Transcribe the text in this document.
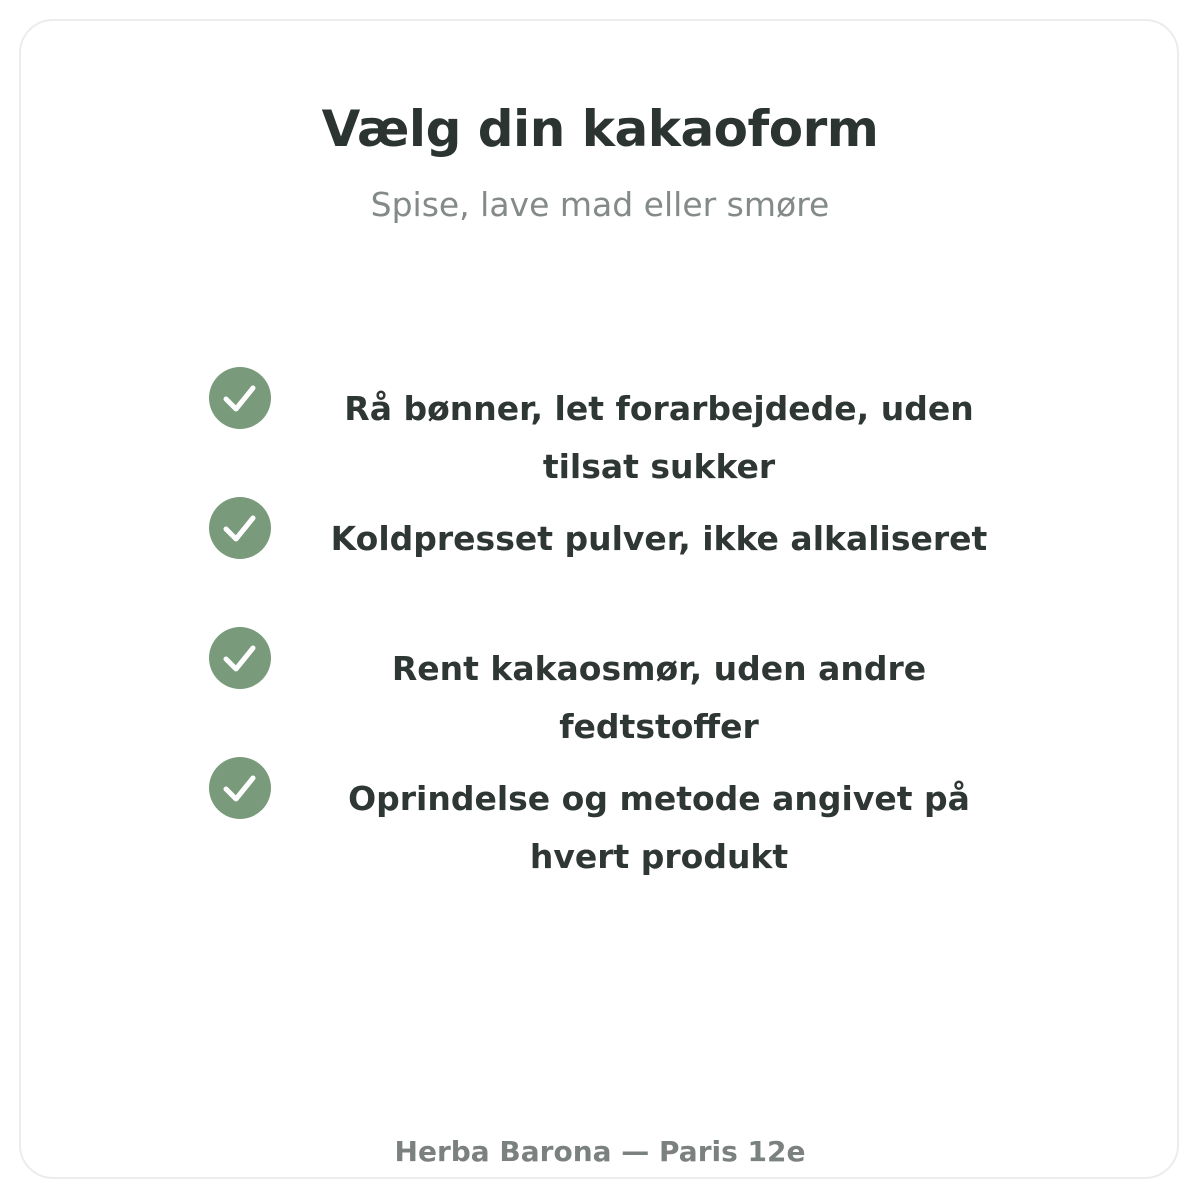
Vælg din kakaoform

Spise, lave mad eller smøre

Rå bønner, let forarbejdede, uden tilsat sukker
Koldpresset pulver, ikke alkaliseret
Rent kakaosmør, uden andre fedtstoffer
Oprindelse og metode angivet på hvert produkt
Herba Barona — Paris 12e
